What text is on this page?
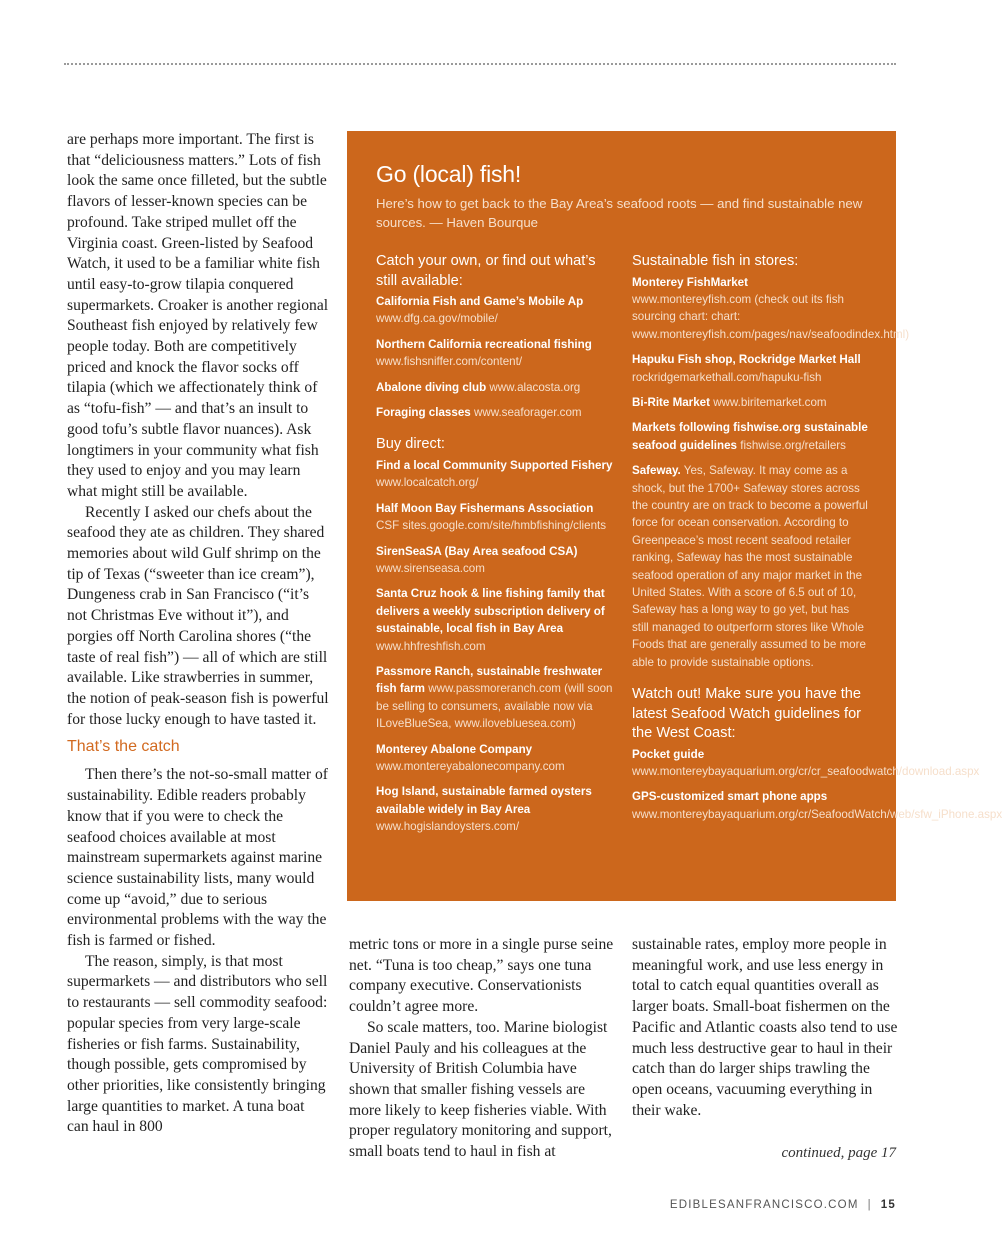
are perhaps more important. The first is that “deliciousness matters.” Lots of fish look the same once filleted, but the subtle flavors of lesser-known species can be profound. Take striped mullet off the Virginia coast. Green-listed by Seafood Watch, it used to be a familiar white fish until easy-to-grow tilapia conquered supermarkets. Croaker is another regional Southeast fish enjoyed by relatively few people today. Both are competitively priced and knock the flavor socks off tilapia (which we affectionately think of as “tofu-fish” — and that’s an insult to good tofu’s subtle flavor nuances). Ask longtimers in your community what fish they used to enjoy and you may learn what might still be available.

Recently I asked our chefs about the seafood they ate as children. They shared memories about wild Gulf shrimp on the tip of Texas (“sweeter than ice cream”), Dungeness crab in San Francisco (“it’s not Christmas Eve without it”), and porgies off North Carolina shores (“the taste of real fish”) — all of which are still available. Like strawberries in summer, the notion of peak-season fish is powerful for those lucky enough to have tasted it.

That’s the catch

Then there’s the not-so-small matter of sustainability. Edible readers probably know that if you were to check the seafood choices available at most mainstream supermarkets against marine science sustainability lists, many would come up “avoid,” due to serious environmental problems with the way the fish is farmed or fished.

The reason, simply, is that most supermarkets — and distributors who sell to restaurants — sell commodity seafood: popular species from very large-scale fisheries or fish farms. Sustainability, though possible, gets compromised by other priorities, like consistently bringing large quantities to market. A tuna boat can haul in 800

Go (local) fish!
Here’s how to get back to the Bay Area’s seafood roots — and find sustainable new sources. — Haven Bourque
Catch your own, or find out what’s still available:
California Fish and Game’s Mobile Ap www.dfg.ca.gov/mobile/
Northern California recreational fishing www.fishsniffer.com/content/
Abalone diving club www.alacosta.org
Foraging classes www.seaforager.com
Buy direct:
Find a local Community Supported Fishery www.localcatch.org/
Half Moon Bay Fishermans Association CSF sites.google.com/site/hmbfishing/clients
SirenSeaSA (Bay Area seafood CSA) www.sirenseasa.com
Santa Cruz hook & line fishing family that delivers a weekly subscription delivery of sustainable, local fish in Bay Area www.hhfreshfish.com
Passmore Ranch, sustainable freshwater fish farm www.passmoreranch.com (will soon be selling to consumers, available now via ILoveBlueSea, www.ilovebluesea.com)
Monterey Abalone Company www.montereyabalonecompany.com
Hog Island, sustainable farmed oysters available widely in Bay Area www.hogislandoysters.com/
Sustainable fish in stores:
Monterey FishMarket www.montereyfish.com (check out its fish sourcing chart: chart: www.montereyfish.com/pages/nav/seafoodindex.html)
Hapuku Fish shop, Rockridge Market Hall rockridgemarkethall.com/hapuku-fish
Bi-Rite Market www.biritemarket.com
Markets following fishwise.org sustainable seafood guidelines fishwise.org/retailers
Safeway. Yes, Safeway. It may come as a shock, but the 1700+ Safeway stores across the country are on track to become a powerful force for ocean conservation. According to Greenpeace’s most recent seafood retailer ranking, Safeway has the most sustainable seafood operation of any major market in the United States. With a score of 6.5 out of 10, Safeway has a long way to go yet, but has still managed to outperform stores like Whole Foods that are generally assumed to be more able to provide sustainable options.
Watch out! Make sure you have the latest Seafood Watch guidelines for the West Coast:
Pocket guide www.montereybayaquarium.org/cr/cr_seafoodwatch/download.aspx
GPS-customized smart phone apps www.montereybayaquarium.org/cr/SeafoodWatch/web/sfw_iPhone.aspx

metric tons or more in a single purse seine net. “Tuna is too cheap,” says one tuna company executive. Conservationists couldn’t agree more.

So scale matters, too. Marine biologist Daniel Pauly and his colleagues at the University of British Columbia have shown that smaller fishing vessels are more likely to keep fisheries viable. With proper regulatory monitoring and support, small boats tend to haul in fish at

sustainable rates, employ more people in meaningful work, and use less energy in total to catch equal quantities overall as larger boats. Small-boat fishermen on the Pacific and Atlantic coasts also tend to use much less destructive gear to haul in their catch than do larger ships trawling the open oceans, vacuuming everything in their wake.

continued, page 17
EDIBLESANFRANCISCO.COM | 15
